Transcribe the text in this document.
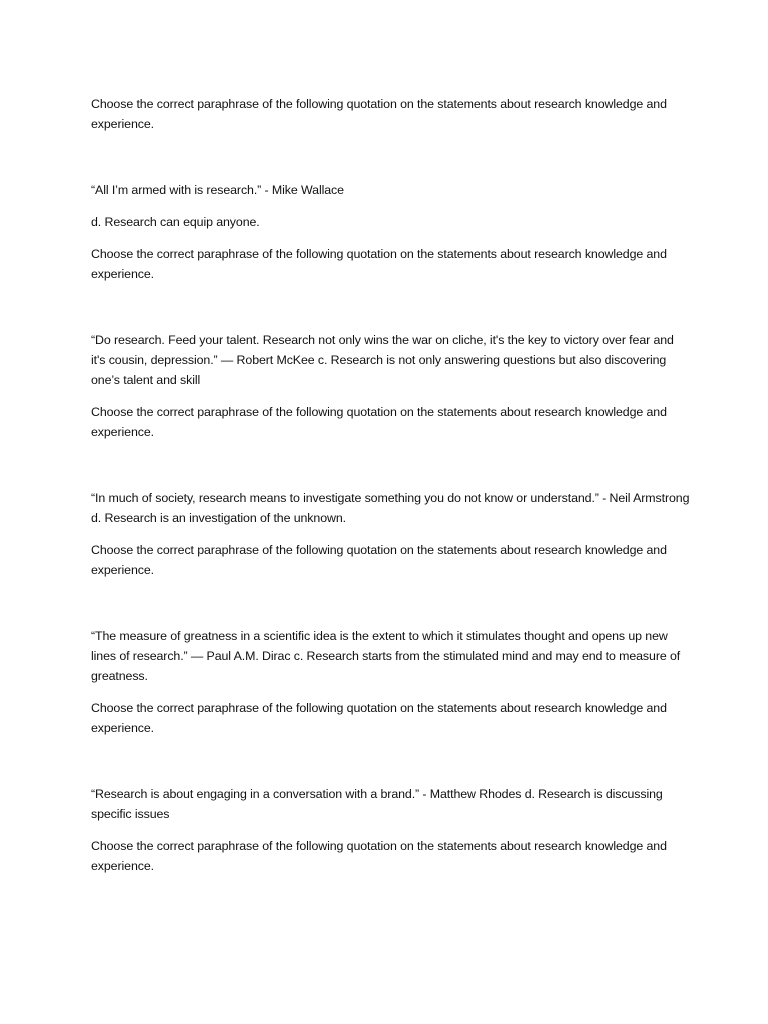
Choose the correct paraphrase of the following quotation on the statements about research knowledge and experience.

“All I’m armed with is research.” - Mike Wallace

d. Research can equip anyone.

Choose the correct paraphrase of the following quotation on the statements about research knowledge and experience.

“Do research. Feed your talent. Research not only wins the war on cliche, it's the key to victory over fear and it's cousin, depression.” — Robert McKee c. Research is not only answering questions but also discovering one’s talent and skill

Choose the correct paraphrase of the following quotation on the statements about research knowledge and experience.

“In much of society, research means to investigate something you do not know or understand.” - Neil Armstrong d. Research is an investigation of the unknown.

Choose the correct paraphrase of the following quotation on the statements about research knowledge and experience.

“The measure of greatness in a scientific idea is the extent to which it stimulates thought and opens up new lines of research.” — Paul A.M. Dirac c. Research starts from the stimulated mind and may end to measure of greatness.

Choose the correct paraphrase of the following quotation on the statements about research knowledge and experience.

“Research is about engaging in a conversation with a brand.” - Matthew Rhodes d. Research is discussing specific issues

Choose the correct paraphrase of the following quotation on the statements about research knowledge and experience.
